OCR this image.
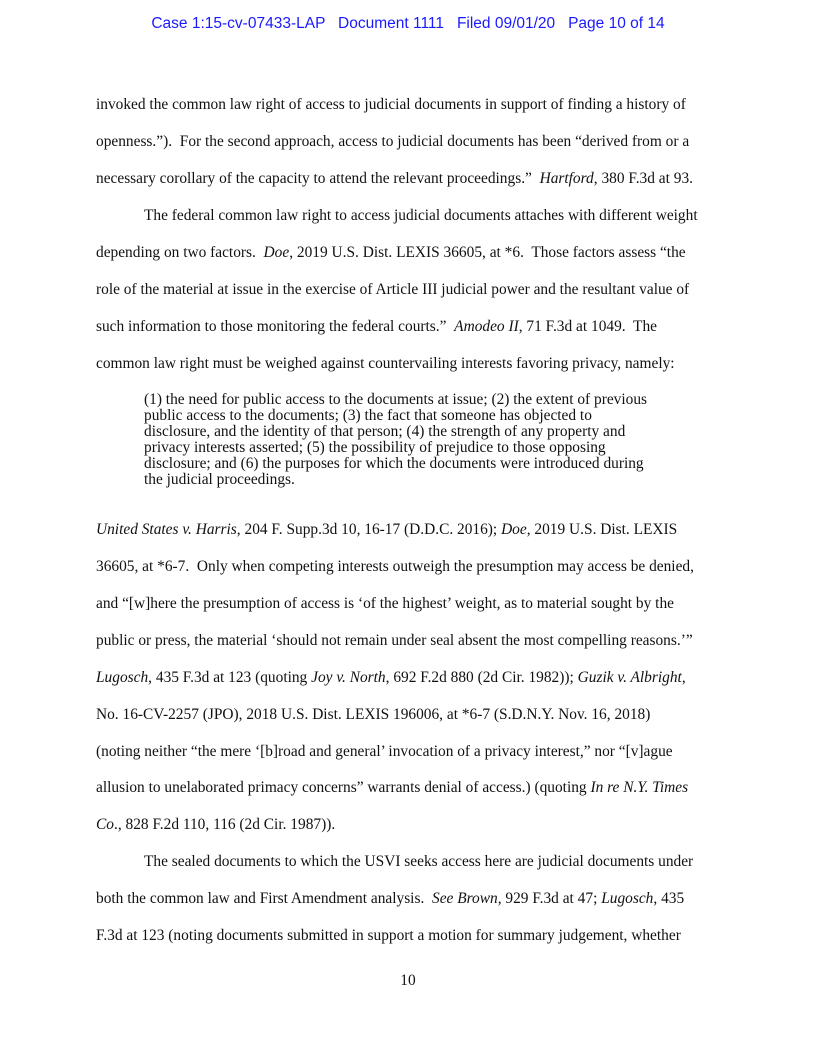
Case 1:15-cv-07433-LAP   Document 1111   Filed 09/01/20   Page 10 of 14
invoked the common law right of access to judicial documents in support of finding a history of
openness.”).  For the second approach, access to judicial documents has been “derived from or a
necessary corollary of the capacity to attend the relevant proceedings.”  Hartford, 380 F.3d at 93.
The federal common law right to access judicial documents attaches with different weight
depending on two factors.  Doe, 2019 U.S. Dist. LEXIS 36605, at *6.  Those factors assess “the
role of the material at issue in the exercise of Article III judicial power and the resultant value of
such information to those monitoring the federal courts.”  Amodeo II, 71 F.3d at 1049.  The
common law right must be weighed against countervailing interests favoring privacy, namely:
(1) the need for public access to the documents at issue; (2) the extent of previous
public access to the documents; (3) the fact that someone has objected to
disclosure, and the identity of that person; (4) the strength of any property and
privacy interests asserted; (5) the possibility of prejudice to those opposing
disclosure; and (6) the purposes for which the documents were introduced during
the judicial proceedings.
United States v. Harris, 204 F. Supp.3d 10, 16-17 (D.D.C. 2016); Doe, 2019 U.S. Dist. LEXIS
36605, at *6-7.  Only when competing interests outweigh the presumption may access be denied,
and “[w]here the presumption of access is ‘of the highest’ weight, as to material sought by the
public or press, the material ‘should not remain under seal absent the most compelling reasons.’”
Lugosch, 435 F.3d at 123 (quoting Joy v. North, 692 F.2d 880 (2d Cir. 1982)); Guzik v. Albright,
No. 16-CV-2257 (JPO), 2018 U.S. Dist. LEXIS 196006, at *6-7 (S.D.N.Y. Nov. 16, 2018)
(noting neither “the mere ‘[b]road and general’ invocation of a privacy interest,” nor “[v]ague
allusion to unelaborated primacy concerns” warrants denial of access.) (quoting In re N.Y. Times
Co., 828 F.2d 110, 116 (2d Cir. 1987)).
The sealed documents to which the USVI seeks access here are judicial documents under
both the common law and First Amendment analysis.  See Brown, 929 F.3d at 47; Lugosch, 435
F.3d at 123 (noting documents submitted in support a motion for summary judgement, whether
10
